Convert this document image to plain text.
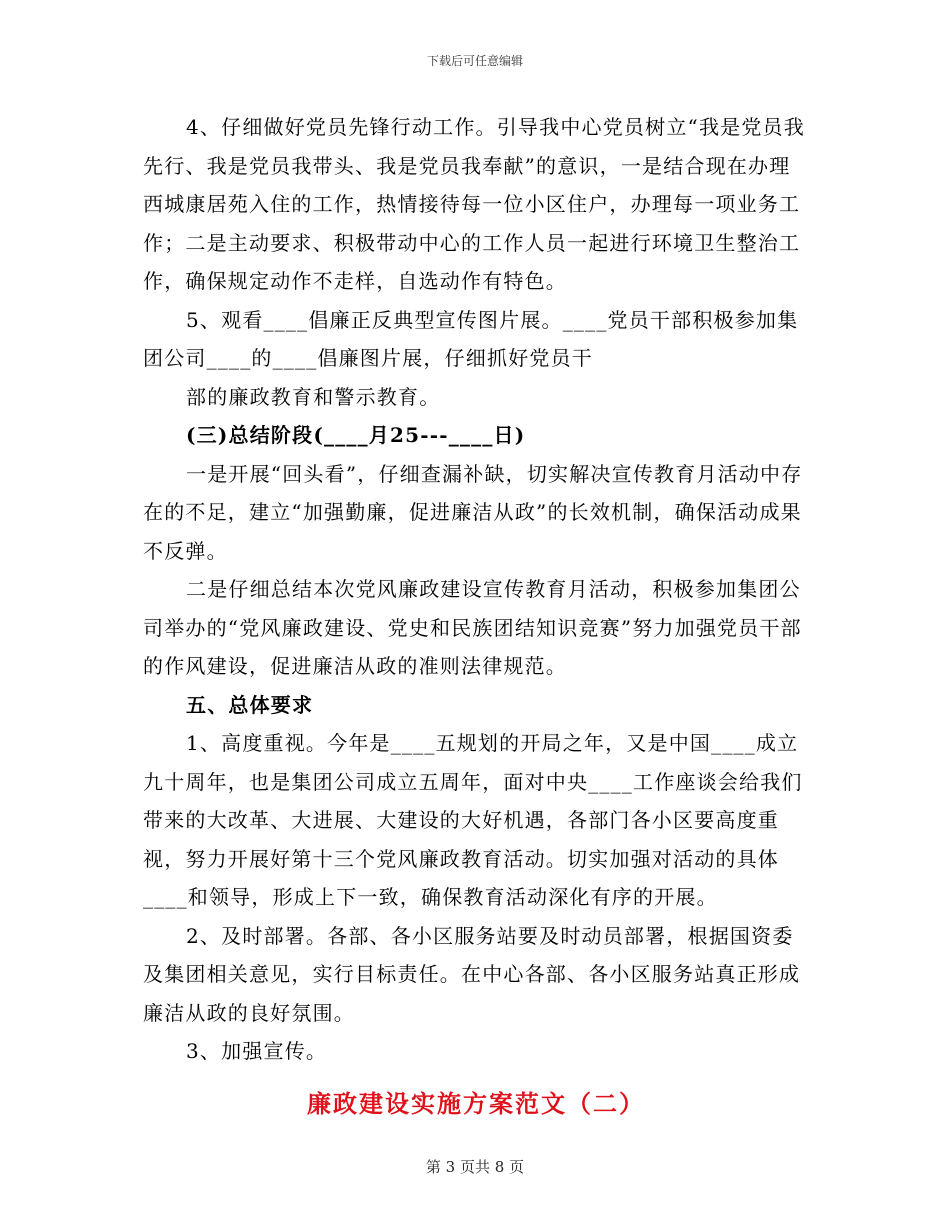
下载后可任意编辑

4、仔细做好党员先锋行动工作。引导我中心党员树立“我是党员我先行、我是党员我带头、我是党员我奉献”的意识，一是结合现在办理西城康居苑入住的工作，热情接待每一位小区住户，办理每一项业务工作；二是主动要求、积极带动中心的工作人员一起进行环境卫生整治工作，确保规定动作不走样，自选动作有特色。

5、观看____倡廉正反典型宣传图片展。____党员干部积极参加集团公司____的____倡廉图片展，仔细抓好党员干

部的廉政教育和警示教育。

(三)总结阶段(____月25---____日)

一是开展“回头看”，仔细查漏补缺，切实解决宣传教育月活动中存在的不足，建立“加强勤廉，促进廉洁从政”的长效机制，确保活动成果不反弹。

二是仔细总结本次党风廉政建设宣传教育月活动，积极参加集团公司举办的“党风廉政建设、党史和民族团结知识竞赛”努力加强党员干部的作风建设，促进廉洁从政的准则法律规范。

五、总体要求

1、高度重视。今年是____五规划的开局之年，又是中国____成立九十周年，也是集团公司成立五周年，面对中央____工作座谈会给我们带来的大改革、大进展、大建设的大好机遇，各部门各小区要高度重视，努力开展好第十三个党风廉政教育活动。切实加强对活动的具体____和领导，形成上下一致，确保教育活动深化有序的开展。

2、及时部署。各部、各小区服务站要及时动员部署，根据国资委及集团相关意见，实行目标责任。在中心各部、各小区服务站真正形成廉洁从政的良好氛围。

3、加强宣传。

廉政建设实施方案范文（二）

第 3 页共 8 页
